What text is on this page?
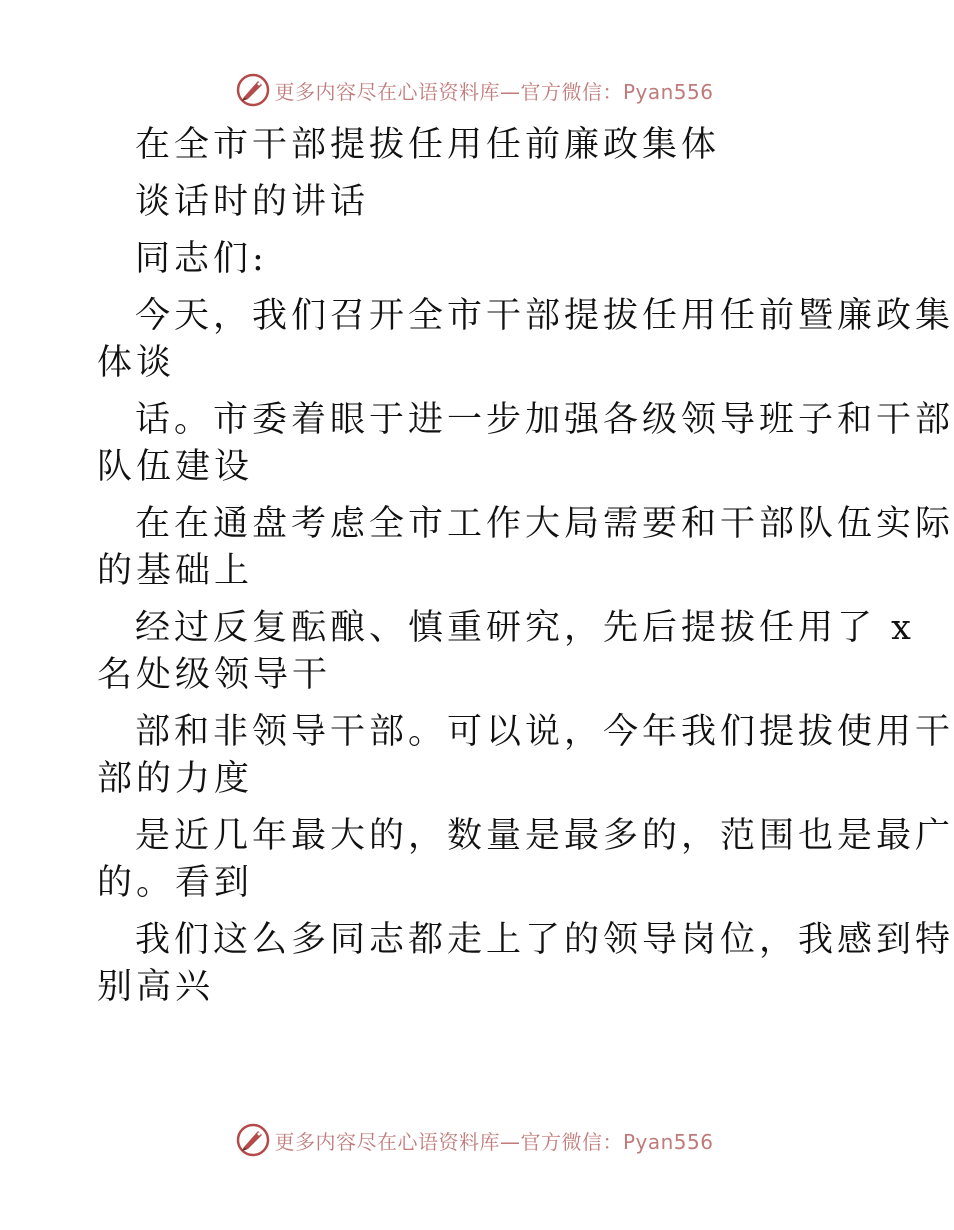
更多内容尽在心语资料库—官方微信：Pyan556
在全市干部提拔任用任前廉政集体
谈话时的讲话
同志们:
今天，我们召开全市干部提拔任用任前暨廉政集
体谈
话。市委着眼于进一步加强各级领导班子和干部
队伍建设
在在通盘考虑全市工作大局需要和干部队伍实际
的基础上
经过反复酝酿、慎重研究，先后提拔任用了 x
名处级领导干
部和非领导干部。可以说，今年我们提拔使用干
部的力度
是近几年最大的，数量是最多的，范围也是最广
的。看到
我们这么多同志都走上了的领导岗位，我感到特
别高兴
更多内容尽在心语资料库—官方微信：Pyan556
